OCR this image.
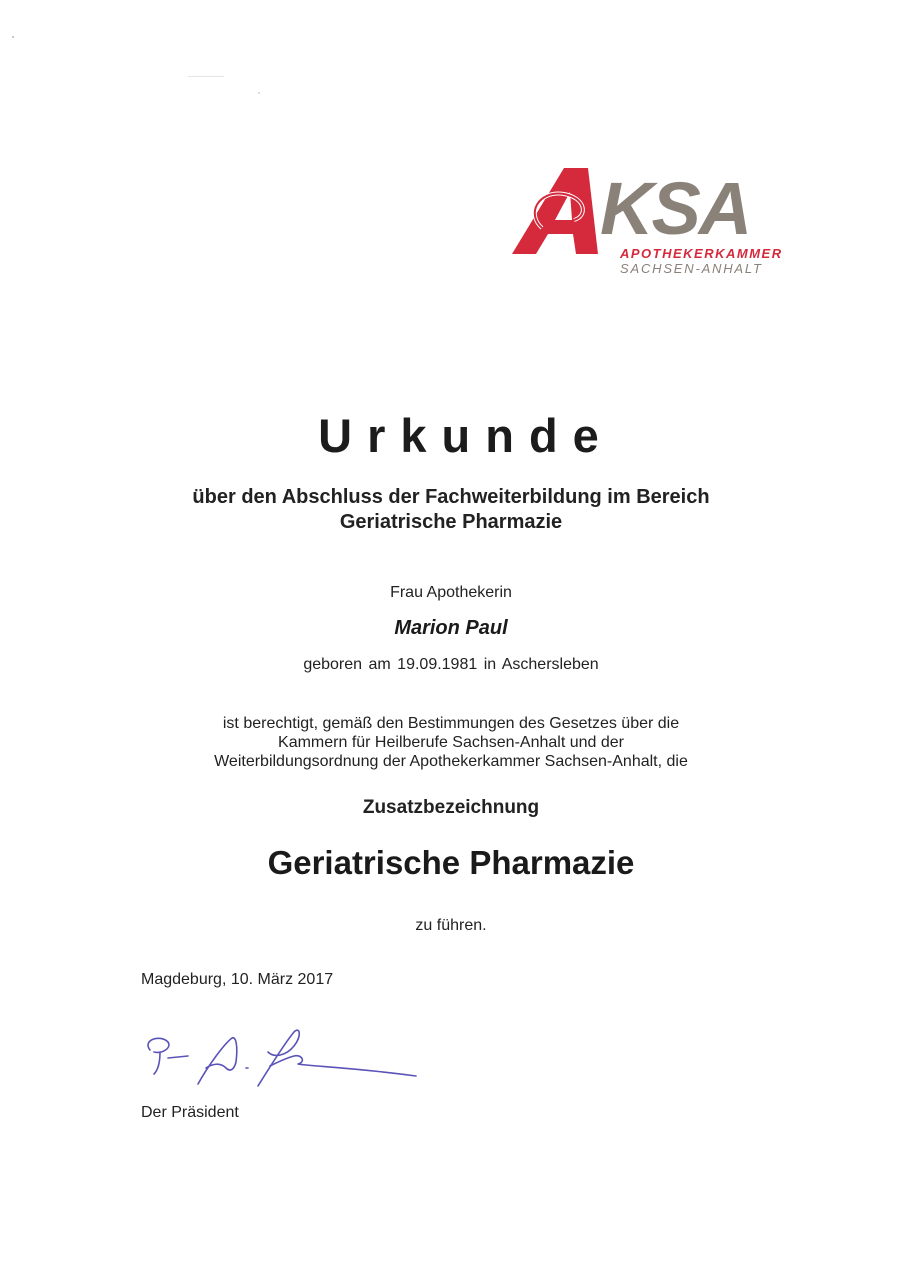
KSA
APOTHEKERKAMMER
SACHSEN-ANHALT
Urkunde
über den Abschluss der Fachweiterbildung im Bereich
Geriatrische Pharmazie
Frau Apothekerin
Marion Paul
geboren am 19.09.1981 in Aschersleben
ist berechtigt, gemäß den Bestimmungen des Gesetzes über die
Kammern für Heilberufe Sachsen-Anhalt und der
Weiterbildungsordnung der Apothekerkammer Sachsen-Anhalt, die
Zusatzbezeichnung
Geriatrische Pharmazie
zu führen.
Magdeburg, 10. März 2017
Der Präsident
